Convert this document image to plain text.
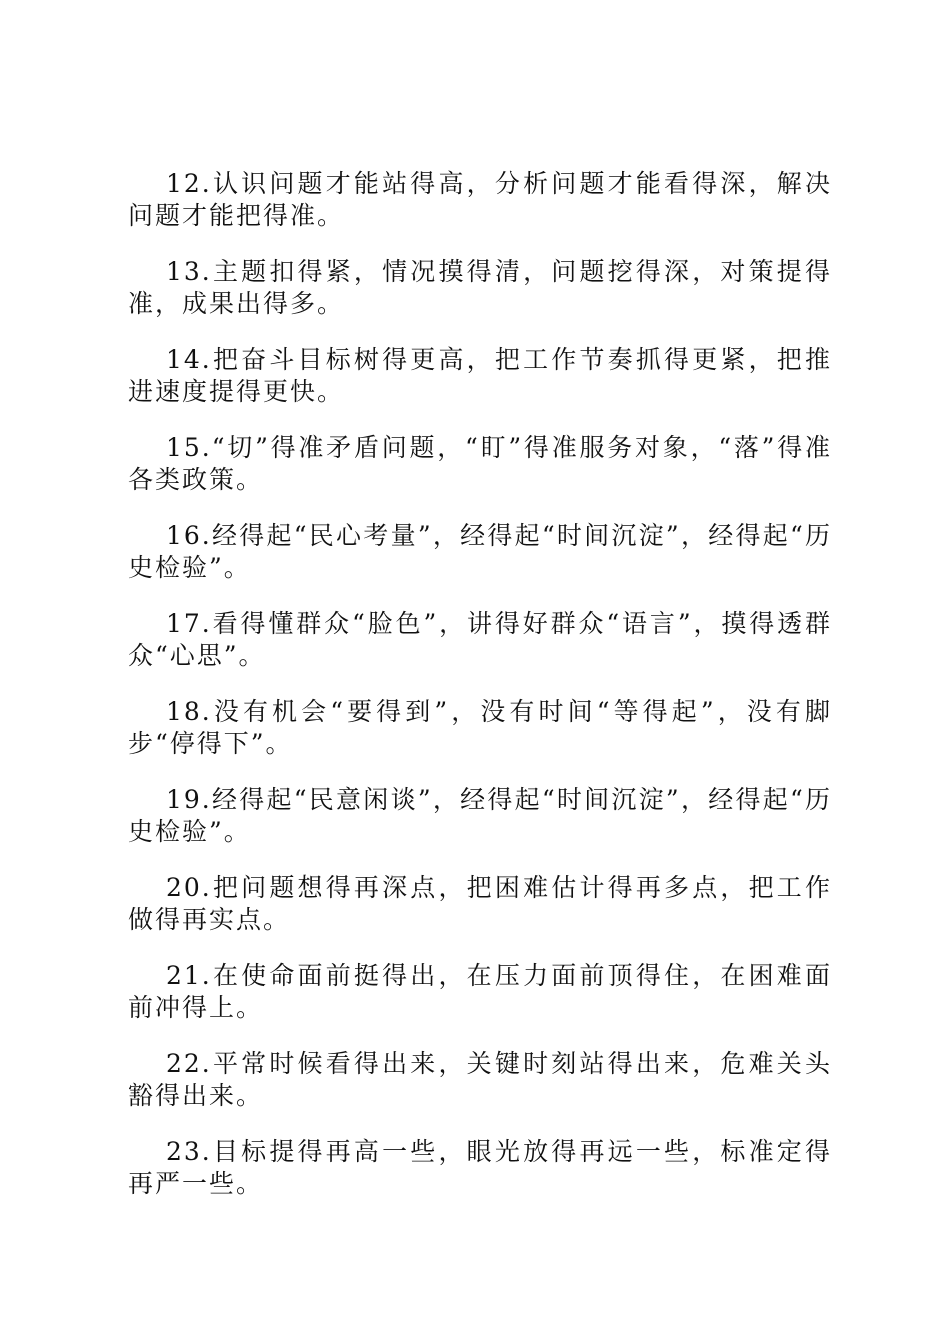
12.认识问题才能站得高，分析问题才能看得深，解决问题才能把得准。

13.主题扣得紧，情况摸得清，问题挖得深，对策提得准，成果出得多。

14.把奋斗目标树得更高，把工作节奏抓得更紧，把推进速度提得更快。

15.“切”得准矛盾问题，“盯”得准服务对象，“落”得准各类政策。

16.经得起“民心考量”，经得起“时间沉淀”，经得起“历史检验”。

17.看得懂群众“脸色”，讲得好群众“语言”，摸得透群众“心思”。

18.没有机会“要得到”，没有时间“等得起”，没有脚步“停得下”。

19.经得起“民意闲谈”，经得起“时间沉淀”，经得起“历史检验”。

20.把问题想得再深点，把困难估计得再多点，把工作做得再实点。

21.在使命面前挺得出，在压力面前顶得住，在困难面前冲得上。

22.平常时候看得出来，关键时刻站得出来，危难关头豁得出来。

23.目标提得再高一些，眼光放得再远一些，标准定得再严一些。
